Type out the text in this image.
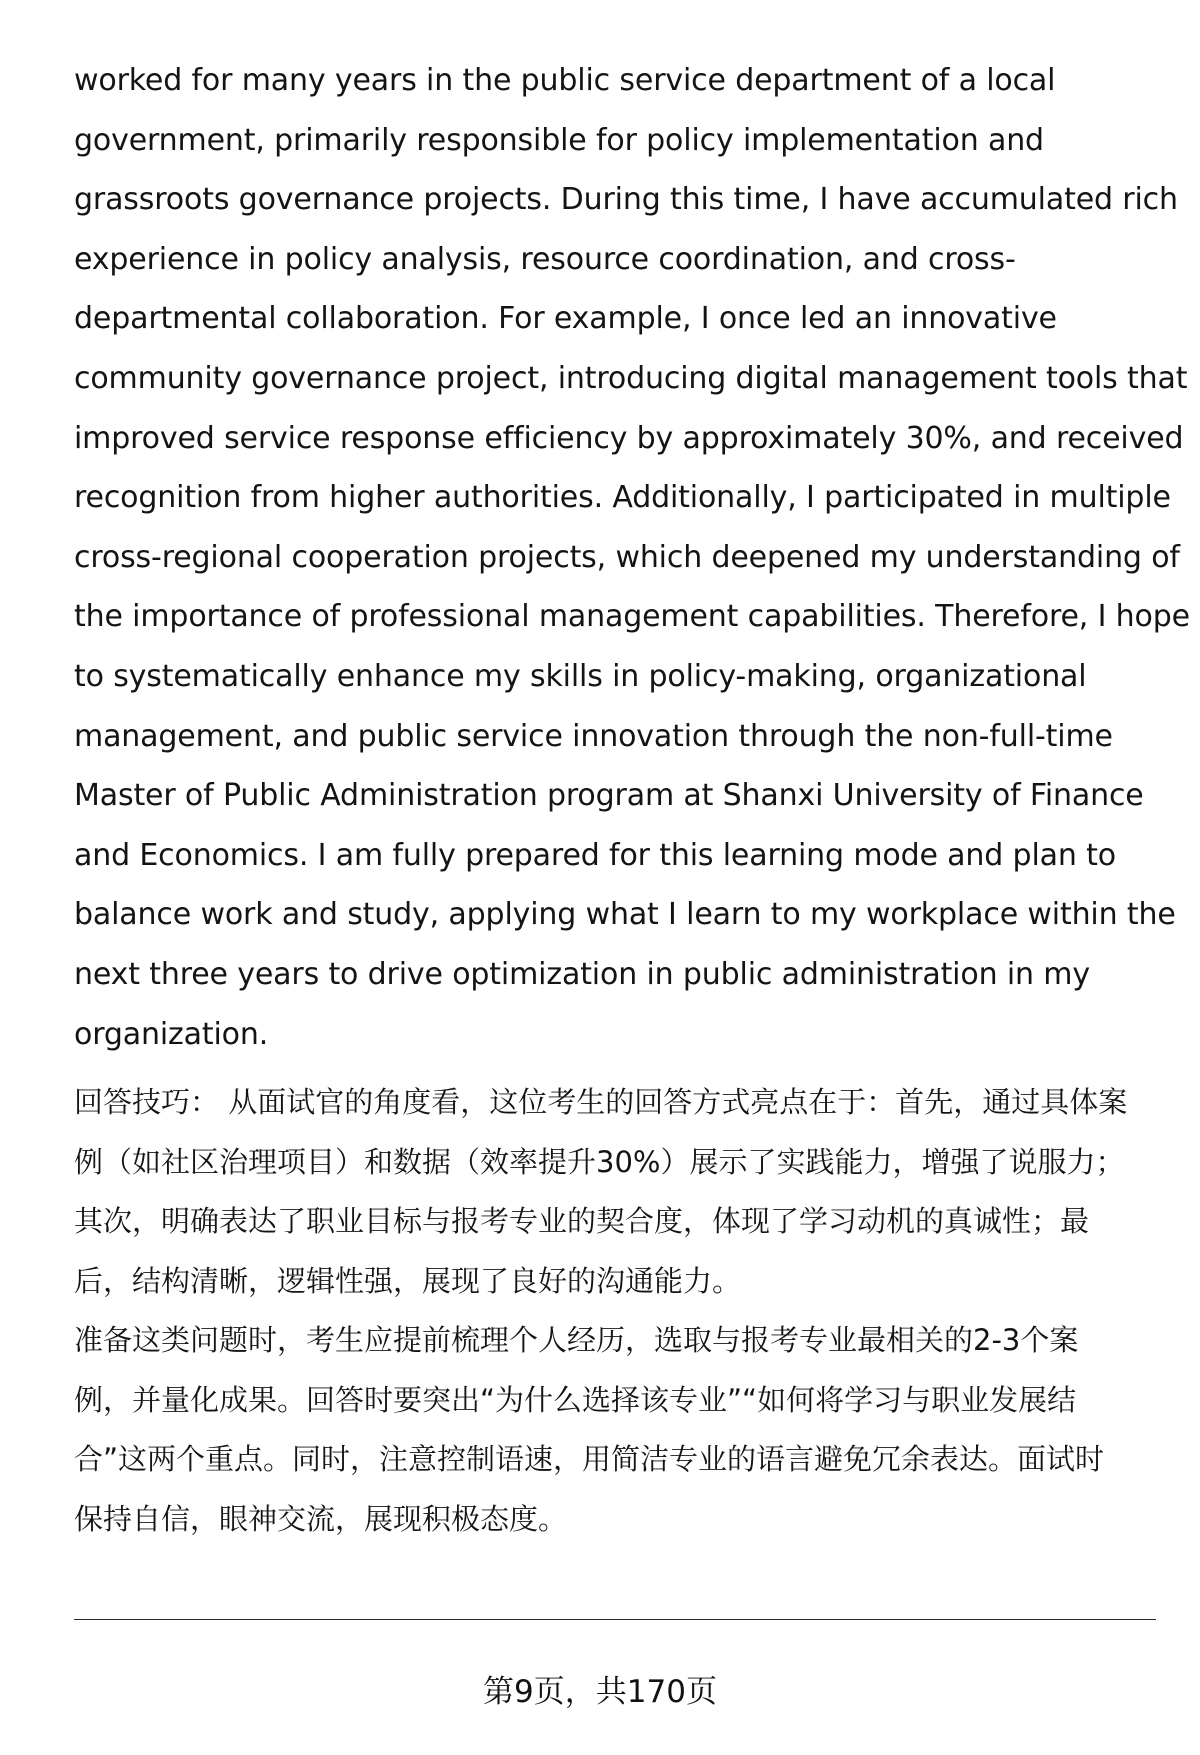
worked for many years in the public service department of a local
government, primarily responsible for policy implementation and
grassroots governance projects. During this time, I have accumulated rich
experience in policy analysis, resource coordination, and cross-
departmental collaboration. For example, I once led an innovative
community governance project, introducing digital management tools that
improved service response efficiency by approximately 30%, and received
recognition from higher authorities. Additionally, I participated in multiple
cross-regional cooperation projects, which deepened my understanding of
the importance of professional management capabilities. Therefore, I hope
to systematically enhance my skills in policy-making, organizational
management, and public service innovation through the non-full-time
Master of Public Administration program at Shanxi University of Finance
and Economics. I am fully prepared for this learning mode and plan to
balance work and study, applying what I learn to my workplace within the
next three years to drive optimization in public administration in my
organization.
回答技巧： 从面试官的角度看，这位考生的回答方式亮点在于：首先，通过具体案
例（如社区治理项目）和数据（效率提升30%）展示了实践能力，增强了说服力；
其次，明确表达了职业目标与报考专业的契合度，体现了学习动机的真诚性；最
后，结构清晰，逻辑性强，展现了良好的沟通能力。
准备这类问题时，考生应提前梳理个人经历，选取与报考专业最相关的2-3个案
例，并量化成果。回答时要突出“为什么选择该专业”“如何将学习与职业发展结
合”这两个重点。同时，注意控制语速，用简洁专业的语言避免冗余表达。面试时
保持自信，眼神交流，展现积极态度。
第9页，共170页
